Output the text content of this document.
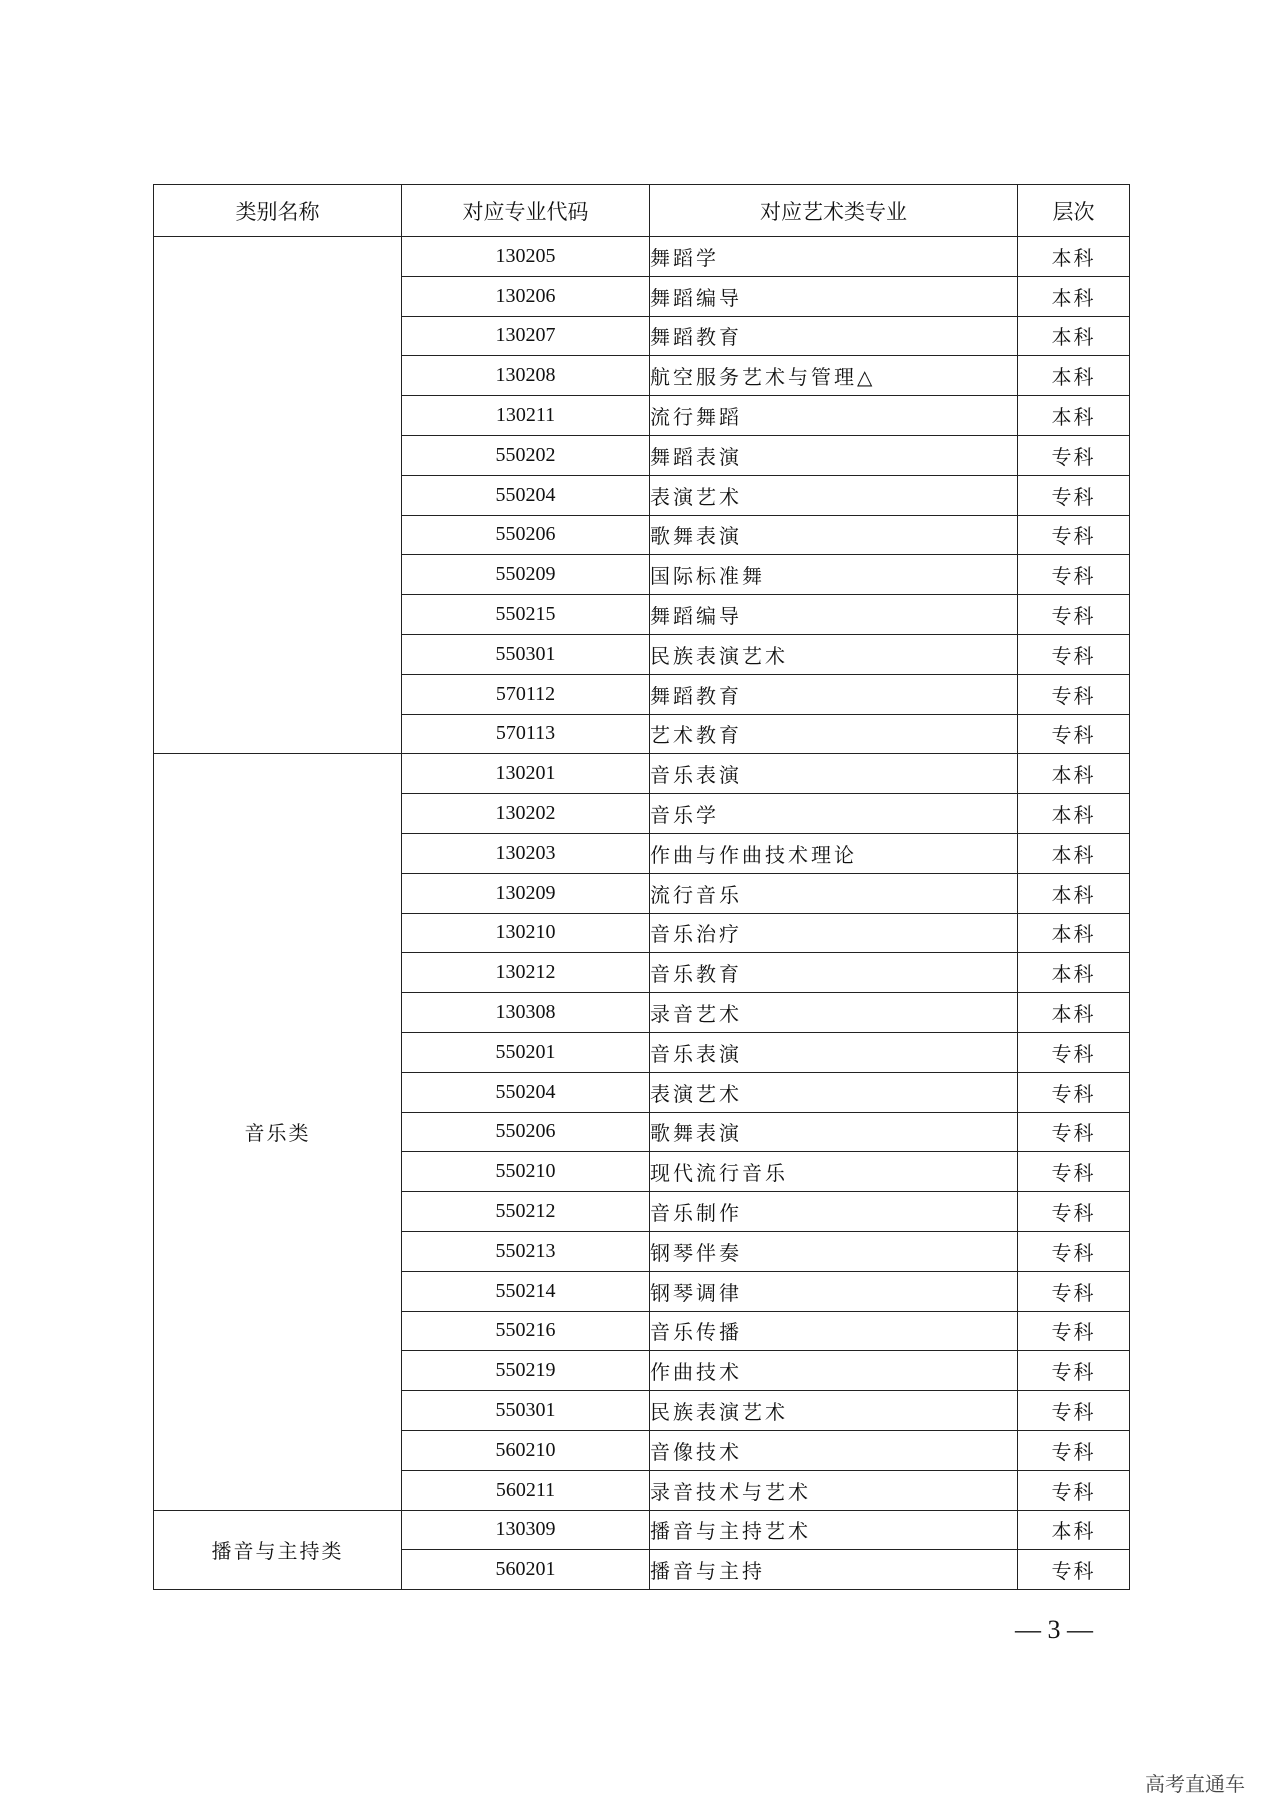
类别名称	对应专业代码	对应艺术类专业	层次
	130205	舞蹈学	本科
	130206	舞蹈编导	本科
	130207	舞蹈教育	本科
	130208	航空服务艺术与管理△	本科
	130211	流行舞蹈	本科
	550202	舞蹈表演	专科
	550204	表演艺术	专科
	550206	歌舞表演	专科
	550209	国际标准舞	专科
	550215	舞蹈编导	专科
	550301	民族表演艺术	专科
	570112	舞蹈教育	专科
	570113	艺术教育	专科
音乐类	130201	音乐表演	本科
	130202	音乐学	本科
	130203	作曲与作曲技术理论	本科
	130209	流行音乐	本科
	130210	音乐治疗	本科
	130212	音乐教育	本科
	130308	录音艺术	本科
	550201	音乐表演	专科
	550204	表演艺术	专科
	550206	歌舞表演	专科
	550210	现代流行音乐	专科
	550212	音乐制作	专科
	550213	钢琴伴奏	专科
	550214	钢琴调律	专科
	550216	音乐传播	专科
	550219	作曲技术	专科
	550301	民族表演艺术	专科
	560210	音像技术	专科
	560211	录音技术与艺术	专科
播音与主持类	130309	播音与主持艺术	本科
	560201	播音与主持	专科
— 3 —
高考直通车
